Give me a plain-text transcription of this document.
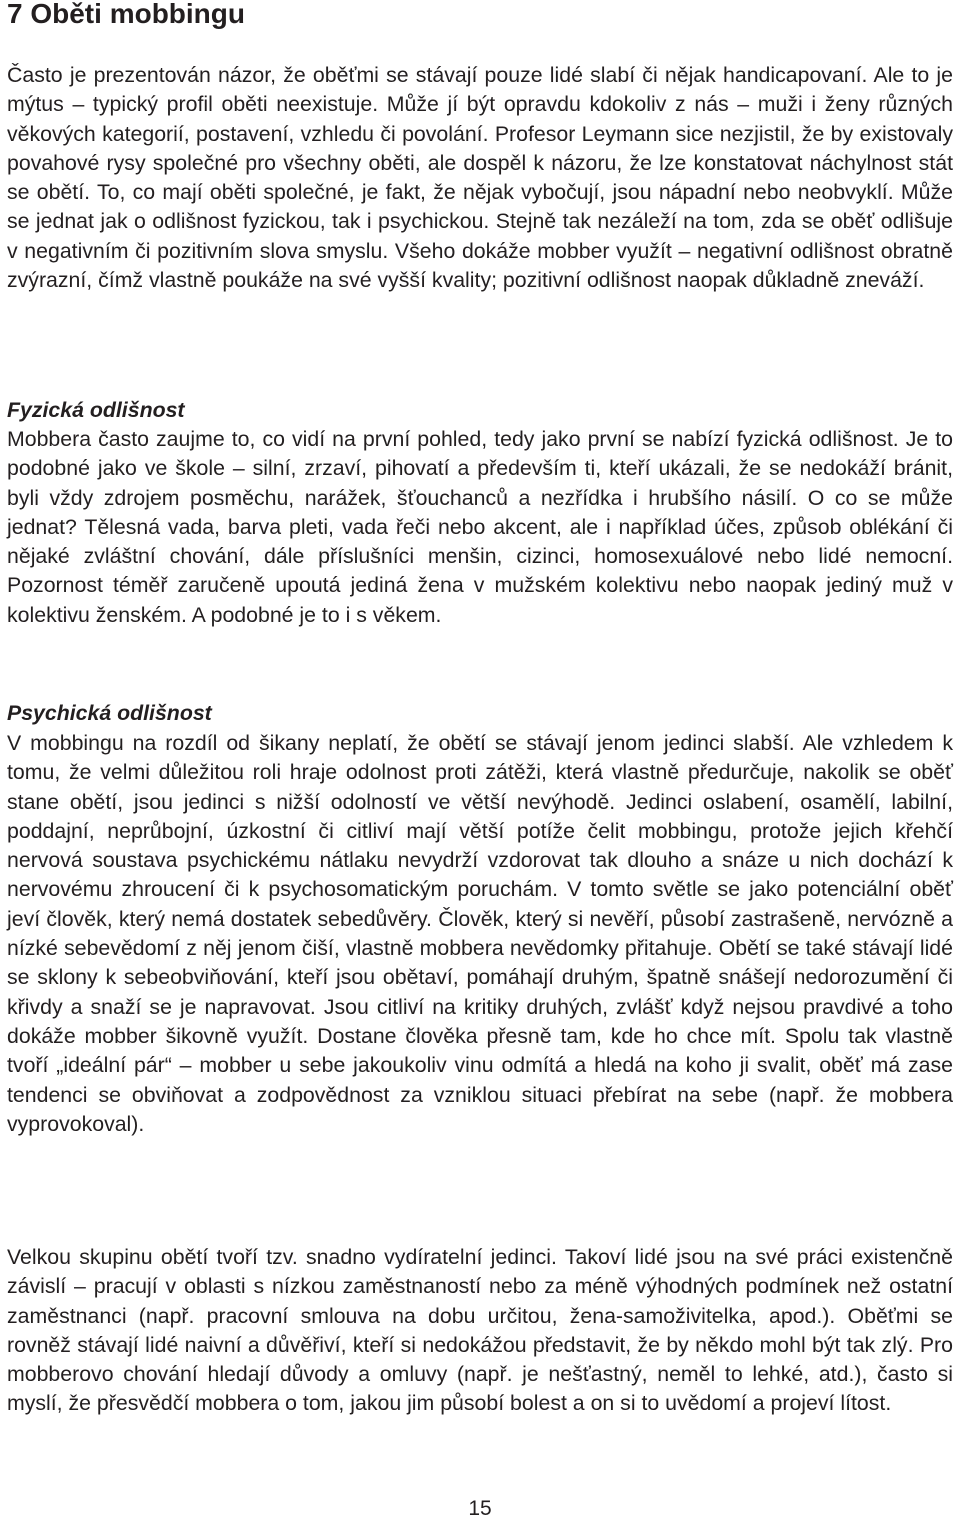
7 Oběti mobbingu

Často je prezentován názor, že oběťmi se stávají pouze lidé slabí či nějak handicapovaní. Ale to je mýtus – typický profil oběti neexistuje. Může jí být opravdu kdokoliv z nás – muži i ženy různých věkových kategorií, postavení, vzhledu či povolání. Profesor Leymann sice nezjistil, že by existovaly povahové rysy společné pro všechny oběti, ale dospěl k názoru, že lze konstatovat náchylnost stát se obětí. To, co mají oběti společné, je fakt, že nějak vybočují, jsou nápadní nebo neobvyklí. Může se jednat jak o odlišnost fyzickou, tak i psychickou. Stejně tak nezáleží na tom, zda se oběť odlišuje v negativním či pozitivním slova smyslu. Všeho dokáže mobber využít – negativní odlišnost obratně zvýrazní, čímž vlastně poukáže na své vyšší kvality; pozitivní odlišnost naopak důkladně zneváží.

Fyzická odlišnost

Mobbera často zaujme to, co vidí na první pohled, tedy jako první se nabízí fyzická odlišnost. Je to podobné jako ve škole – silní, zrzaví, pihovatí a především ti, kteří ukázali, že se nedokáží bránit, byli vždy zdrojem posměchu, narážek, šťouchanců a nezřídka i hrubšího násilí. O co se může jednat? Tělesná vada, barva pleti, vada řeči nebo akcent, ale i například účes, způsob oblékání či nějaké zvláštní chování, dále příslušníci menšin, cizinci, homosexuálové nebo lidé nemocní. Pozornost téměř zaručeně upoutá jediná žena v mužském kolektivu nebo naopak jediný muž v kolektivu ženském. A podobné je to i s věkem.

Psychická odlišnost

V mobbingu na rozdíl od šikany neplatí, že obětí se stávají jenom jedinci slabší. Ale vzhledem k tomu, že velmi důležitou roli hraje odolnost proti zátěži, která vlastně předurčuje, nakolik se oběť stane obětí, jsou jedinci s nižší odolností ve větší nevýhodě. Jedinci oslabení, osamělí, labilní, poddajní, neprůbojní, úzkostní či citliví mají větší potíže čelit mobbingu, protože jejich křehčí nervová soustava psychickému nátlaku nevydrží vzdorovat tak dlouho a snáze u nich dochází k nervovému zhroucení či k psychosomatickým poruchám. V tomto světle se jako potenciální oběť jeví člověk, který nemá dostatek sebedůvěry. Člověk, který si nevěří, působí zastrašeně, nervózně a nízké sebevědomí z něj jenom čiší, vlastně mobbera nevědomky přitahuje. Obětí se také stávají lidé se sklony k sebeobviňování, kteří jsou obětaví, pomáhají druhým, špatně snášejí nedorozumění či křivdy a snaží se je napravovat. Jsou citliví na kritiky druhých, zvlášť když nejsou pravdivé a toho dokáže mobber šikovně využít. Dostane člověka přesně tam, kde ho chce mít. Spolu tak vlastně tvoří „ideální pár“ – mobber u sebe jakoukoliv vinu odmítá a hledá na koho ji svalit, oběť má zase tendenci se obviňovat a zodpovědnost za vzniklou situaci přebírat na sebe (např. že mobbera vyprovokoval).

Velkou skupinu obětí tvoří tzv. snadno vydíratelní jedinci. Takoví lidé jsou na své práci existenčně závislí – pracují v oblasti s nízkou zaměstnaností nebo za méně výhodných podmínek než ostatní zaměstnanci (např. pracovní smlouva na dobu určitou, žena-samoživitelka, apod.). Oběťmi se rovněž stávají lidé naivní a důvěřiví, kteří si nedokážou představit, že by někdo mohl být tak zlý. Pro mobberovo chování hledají důvody a omluvy (např. je nešťastný, neměl to lehké, atd.), často si myslí, že přesvědčí mobbera o tom, jakou jim působí bolest a on si to uvědomí a projeví lítost.

15
